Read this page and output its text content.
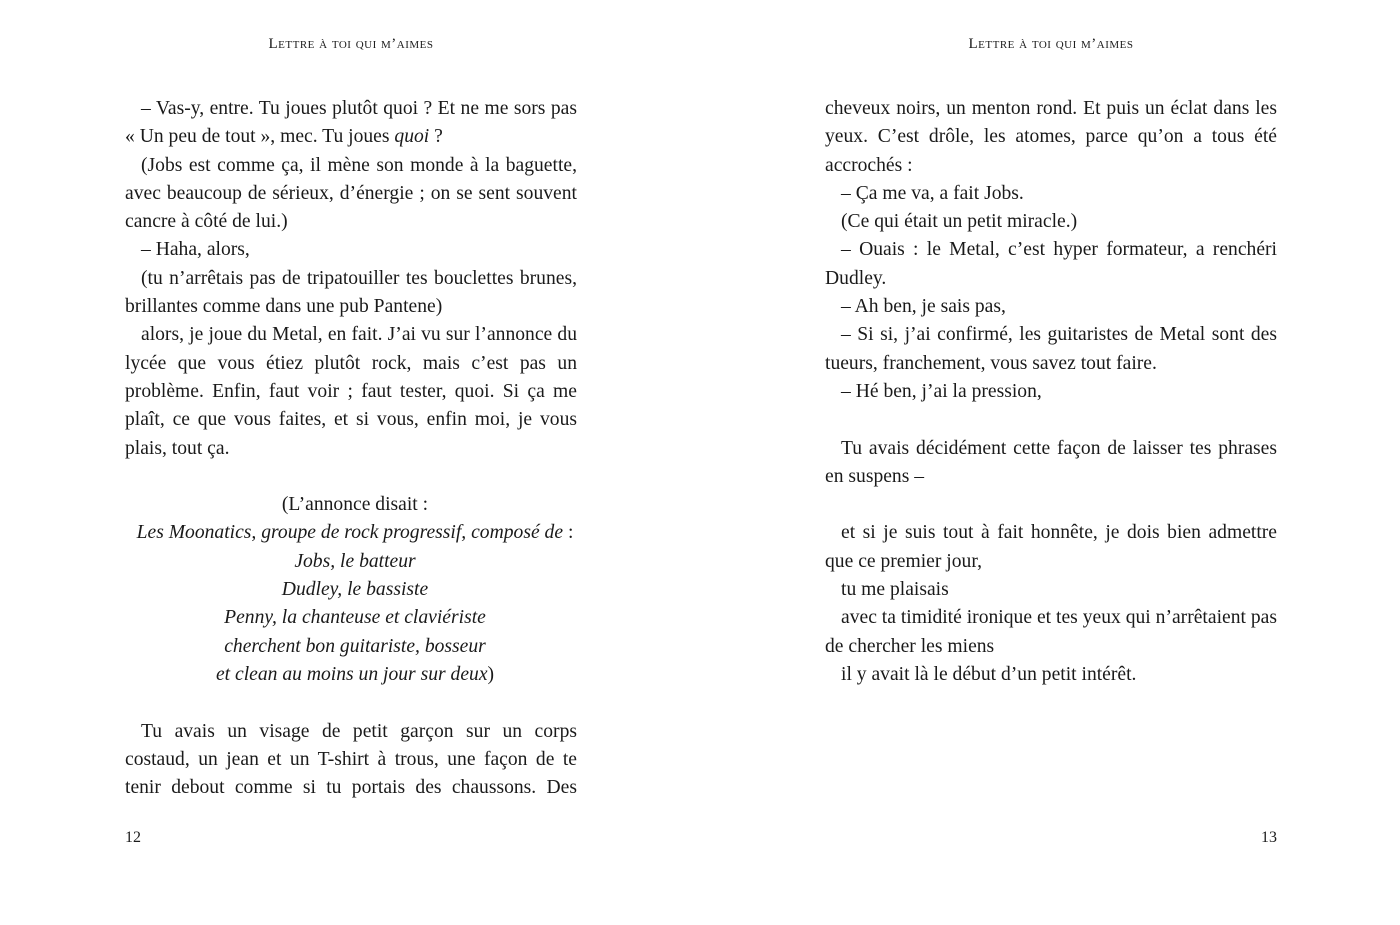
Lettre à toi qui m’aimes

– Vas-y, entre. Tu joues plutôt quoi ? Et ne me sors pas « Un peu de tout », mec. Tu joues quoi ?

(Jobs est comme ça, il mène son monde à la baguette, avec beaucoup de sérieux, d’énergie ; on se sent souvent cancre à côté de lui.)

– Haha, alors,

(tu n’arrêtais pas de tripatouiller tes bouclettes brunes, brillantes comme dans une pub Pantene)

alors, je joue du Metal, en fait. J’ai vu sur l’annonce du lycée que vous étiez plutôt rock, mais c’est pas un problème. Enfin, faut voir ; faut tester, quoi. Si ça me plaît, ce que vous faites, et si vous, enfin moi, je vous plais, tout ça.

(L’annonce disait :
Les Moonatics, groupe de rock progressif, composé de :
Jobs, le batteur
Dudley, le bassiste
Penny, la chanteuse et claviériste
cherchent bon guitariste, bosseur
et clean au moins un jour sur deux)

Tu avais un visage de petit garçon sur un corps costaud, un jean et un T-shirt à trous, une façon de te tenir debout comme si tu portais des chaussons. Des

12
Lettre à toi qui m’aimes

cheveux noirs, un menton rond. Et puis un éclat dans les yeux. C’est drôle, les atomes, parce qu’on a tous été accrochés :

– Ça me va, a fait Jobs.

(Ce qui était un petit miracle.)

– Ouais : le Metal, c’est hyper formateur, a renchéri Dudley.

– Ah ben, je sais pas,

– Si si, j’ai confirmé, les guitaristes de Metal sont des tueurs, franchement, vous savez tout faire.

– Hé ben, j’ai la pression,

Tu avais décidément cette façon de laisser tes phrases en suspens –

et si je suis tout à fait honnête, je dois bien admettre que ce premier jour,

tu me plaisais

avec ta timidité ironique et tes yeux qui n’arrêtaient pas de chercher les miens

il y avait là le début d’un petit intérêt.

13
